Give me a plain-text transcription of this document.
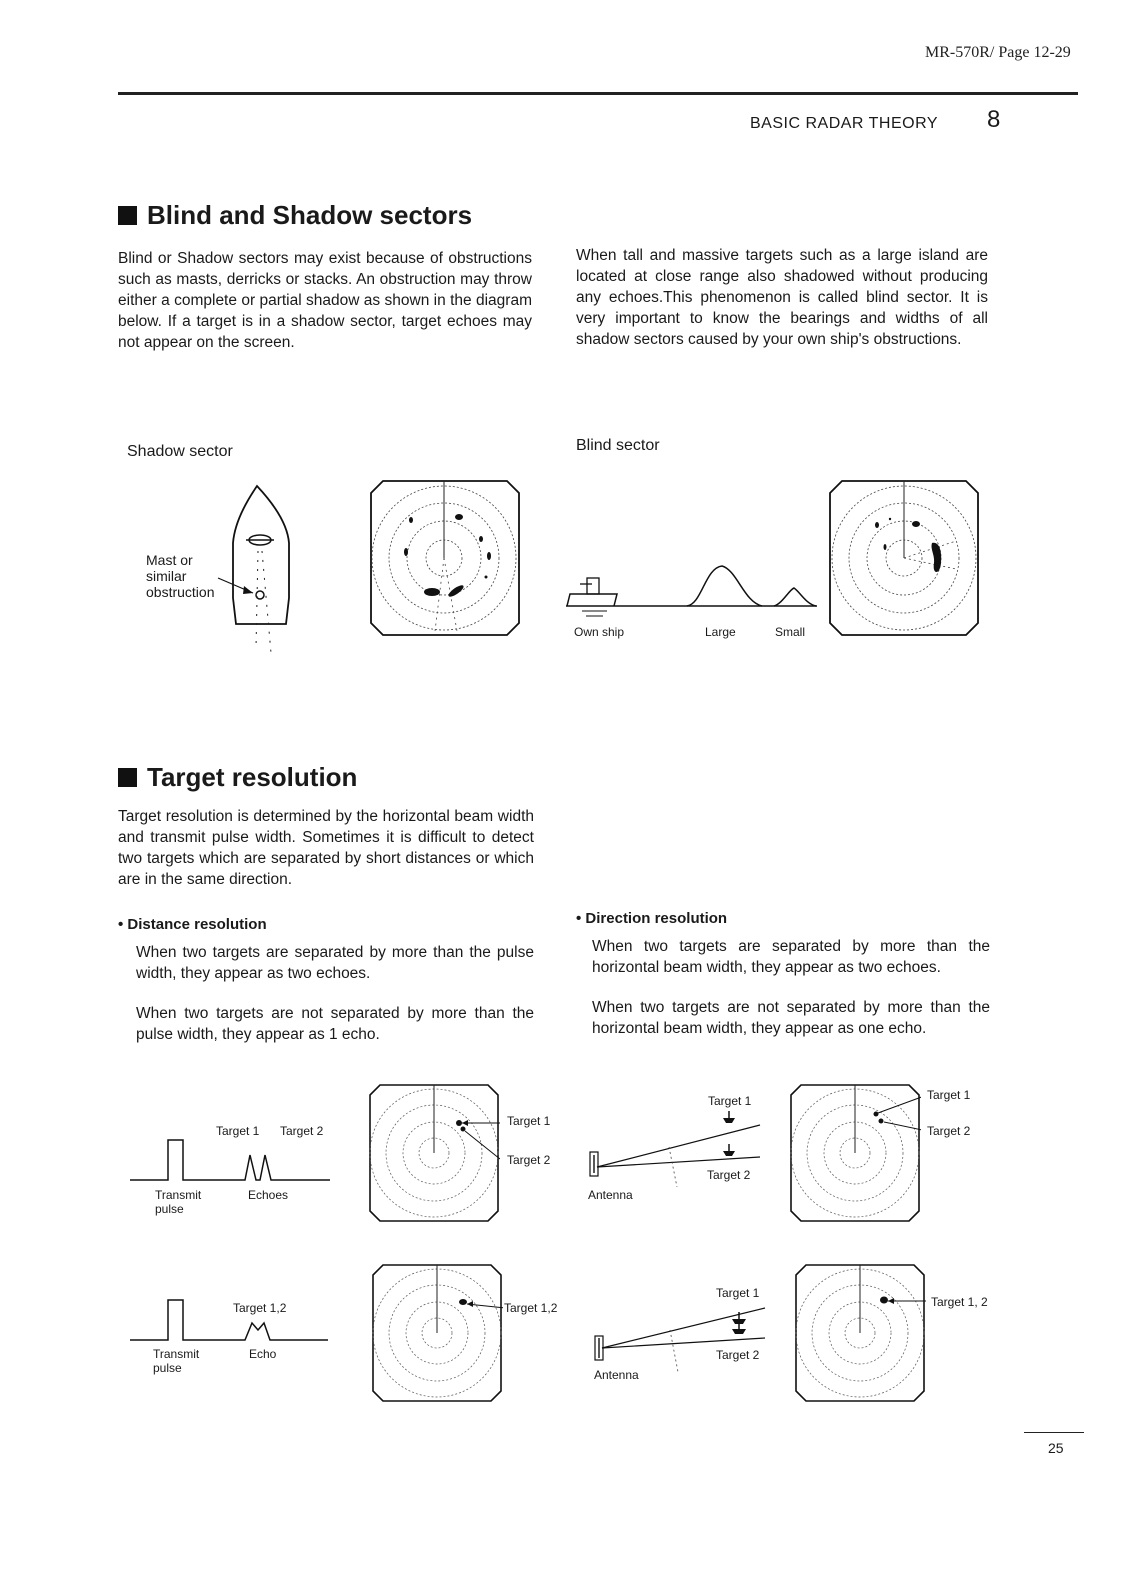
MR-570R/ Page 12-29
BASIC RADAR THEORY 8
Blind and Shadow sectors

Blind or Shadow sectors may exist because of obstructions such as masts, derricks or stacks. An obstruction may throw either a complete or partial shadow as shown in the diagram below. If a target is in a shadow sector, target echoes may not appear on the screen.

When tall and massive targets such as a large island are located at close range also shadowed without producing any echoes.This phenomenon is called blind sector. It is very important to know the bearings and widths of all shadow sectors caused by your own ship's obstructions.

Shadow sector	Blind sector
Mast or
similar
obstruction
Own ship	Large	Small
Target resolution

Target resolution is determined by the horizontal beam width and transmit pulse width. Sometimes it is difficult to detect two targets which are separated by short distances or which are in the same direction.

• Distance resolution

When two targets are separated by more than the pulse width, they appear as two echoes.

When two targets are not separated by more than the pulse width, they appear as 1 echo.

• Direction resolution

When two targets are separated by more than the horizontal beam width, they appear as two echoes.

When two targets are not separated by more than the horizontal beam width, they appear as one echo.

Target 1 Target 2
Transmit
pulse
Echoes
Target 1
Target 2
Target 1,2
Transmit
pulse
Echo
Target 1,2
Target 1
Target 2
Antenna
Target 1
Target 2
Target 1
Target 2
Antenna
Target 1, 2
25
